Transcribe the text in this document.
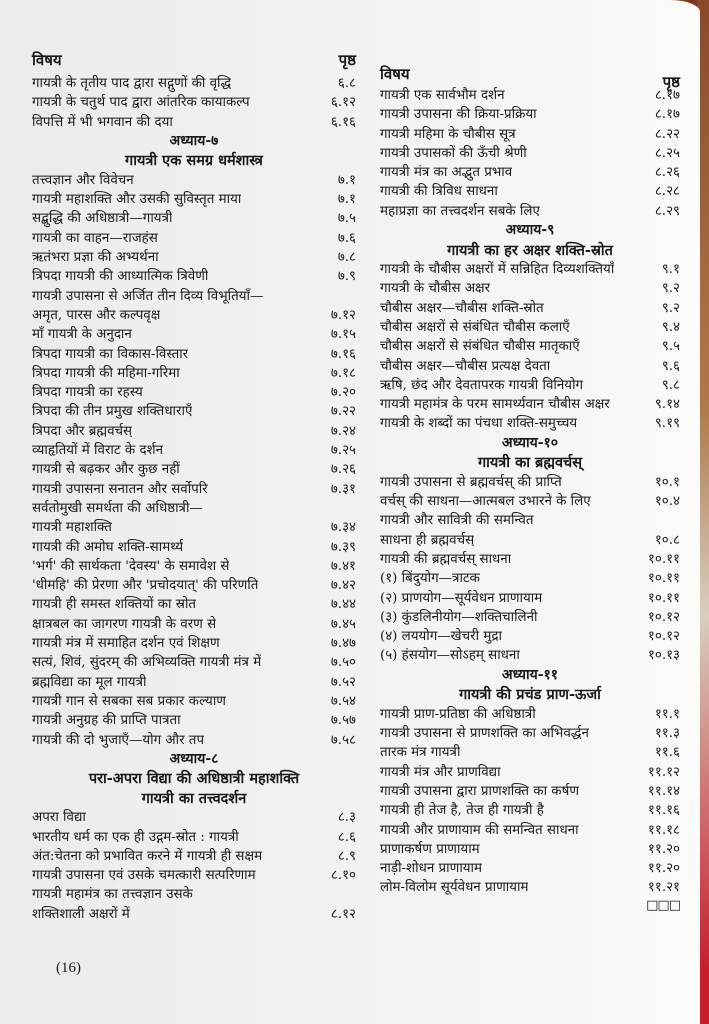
विषय	पृष्ठ
गायत्री के तृतीय पाद द्वारा सद्गुणों की वृद्धि	६.८
गायत्री के चतुर्थ पाद द्वारा आंतरिक कायाकल्प	६.१२
विपत्ति में भी भगवान की दया	६.१६
अध्याय-७
गायत्री एक समग्र धर्मशास्त्र
तत्त्वज्ञान और विवेचन	७.१
गायत्री महाशक्ति और उसकी सुविस्तृत माया	७.१
सद्बुद्धि की अधिष्ठात्री—गायत्री	७.५
गायत्री का वाहन—राजहंस	७.६
ऋतंभरा प्रज्ञा की अभ्यर्थना	७.८
त्रिपदा गायत्री की आध्यात्मिक त्रिवेणी	७.९
गायत्री उपासना से अर्जित तीन दिव्य विभूतियाँ—
अमृत, पारस और कल्पवृक्ष	७.१२
माँ गायत्री के अनुदान	७.१५
त्रिपदा गायत्री का विकास-विस्तार	७.१६
त्रिपदा गायत्री की महिमा-गरिमा	७.१८
त्रिपदा गायत्री का रहस्य	७.२०
त्रिपदा की तीन प्रमुख शक्तिधाराएँ	७.२२
त्रिपदा और ब्रह्मवर्चस्	७.२४
व्याहृतियों में विराट के दर्शन	७.२५
गायत्री से बढ़कर और कुछ नहीं	७.२६
गायत्री उपासना सनातन और सर्वोपरि	७.३१
सर्वतोमुखी समर्थता की अधिष्ठात्री—
गायत्री महाशक्ति	७.३४
गायत्री की अमोघ शक्ति-सामर्थ्य	७.३९
'भर्ग' की सार्थकता 'देवस्य' के समावेश से	७.४१
'धीमहि' की प्रेरणा और 'प्रचोदयात्' की परिणति	७.४२
गायत्री ही समस्त शक्तियों का स्रोत	७.४४
क्षात्रबल का जागरण गायत्री के वरण से	७.४५
गायत्री मंत्र में समाहित दर्शन एवं शिक्षण	७.४७
सत्यं, शिवं, सुंदरम् की अभिव्यक्ति गायत्री मंत्र में	७.५०
ब्रह्मविद्या का मूल गायत्री	७.५२
गायत्री गान से सबका सब प्रकार कल्याण	७.५४
गायत्री अनुग्रह की प्राप्ति पात्रता	७.५७
गायत्री की दो भुजाएँ—योग और तप	७.५८
अध्याय-८
परा-अपरा विद्या की अधिष्ठात्री महाशक्ति
गायत्री का तत्त्वदर्शन
अपरा विद्या	८.३
भारतीय धर्म का एक ही उद्गम-स्रोत : गायत्री	८.६
अंत:चेतना को प्रभावित करने में गायत्री ही सक्षम	८.९
गायत्री उपासना एवं उसके चमत्कारी सत्परिणाम	८.१०
गायत्री महामंत्र का तत्त्वज्ञान उसके
शक्तिशाली अक्षरों में	८.१२
विषय	पृष्ठ
गायत्री एक सार्वभौम दर्शन	८.१७
गायत्री उपासना की क्रिया-प्रक्रिया	८.१७
गायत्री महिमा के चौबीस सूत्र	८.२२
गायत्री उपासकों की ऊँची श्रेणी	८.२५
गायत्री मंत्र का अद्भुत प्रभाव	८.२६
गायत्री की त्रिविध साधना	८.२८
महाप्रज्ञा का तत्त्वदर्शन सबके लिए	८.२९
अध्याय-९
गायत्री का हर अक्षर शक्ति-स्रोत
गायत्री के चौबीस अक्षरों में सन्निहित दिव्यशक्तियाँ	९.१
गायत्री के चौबीस अक्षर	९.२
चौबीस अक्षर—चौबीस शक्ति-स्रोत	९.२
चौबीस अक्षरों से संबंधित चौबीस कलाएँ	९.४
चौबीस अक्षरों से संबंधित चौबीस मातृकाएँ	९.५
चौबीस अक्षर—चौबीस प्रत्यक्ष देवता	९.६
ऋषि, छंद और देवतापरक गायत्री विनियोग	९.८
गायत्री महामंत्र के परम सामर्थ्यवान चौबीस अक्षर	९.१४
गायत्री के शब्दों का पंचधा शक्ति-समुच्चय	९.१९
अध्याय-१०
गायत्री का ब्रह्मवर्चस्
गायत्री उपासना से ब्रह्मवर्चस् की प्राप्ति	१०.१
वर्चस् की साधना—आत्मबल उभारने के लिए	१०.४
गायत्री और सावित्री की समन्वित
साधना ही ब्रह्मवर्चस्	१०.८
गायत्री की ब्रह्मवर्चस् साधना	१०.११
(१) बिंदुयोग—त्राटक	१०.११
(२) प्राणयोग—सूर्यवेधन प्राणायाम	१०.११
(३) कुंडलिनीयोग—शक्तिचालिनी	१०.१२
(४) लययोग—खेचरी मुद्रा	१०.१२
(५) हंसयोग—सोऽहम् साधना	१०.१३
अध्याय-११
गायत्री की प्रचंड प्राण-ऊर्जा
गायत्री प्राण-प्रतिष्ठा की अधिष्ठात्री	११.१
गायत्री उपासना से प्राणशक्ति का अभिवर्द्धन	११.३
तारक मंत्र गायत्री	११.६
गायत्री मंत्र और प्राणविद्या	११.१२
गायत्री उपासना द्वारा प्राणशक्ति का कर्षण	११.१४
गायत्री ही तेज है, तेज ही गायत्री है	११.१६
गायत्री और प्राणायाम की समन्वित साधना	११.१८
प्राणाकर्षण प्राणायाम	११.२०
नाड़ी-शोधन प्राणायाम	११.२०
लोम-विलोम सूर्यवेधन प्राणायाम	११.२१
□□□
(16)
